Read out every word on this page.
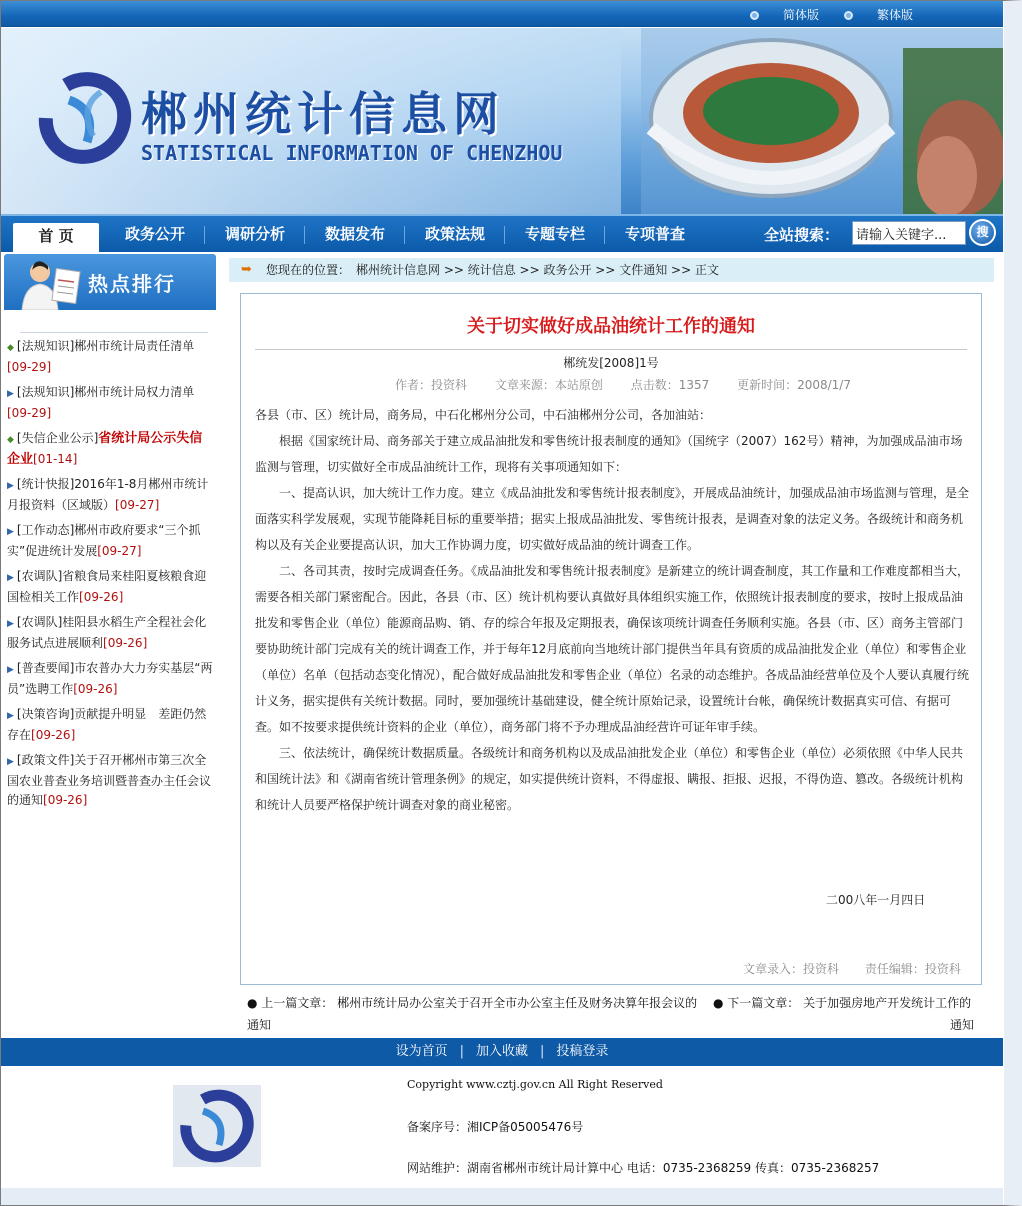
简体版	繁体版
郴州统计信息网
STATISTICAL INFORMATION OF CHENZHOU
首 页	政务公开	调研分析	数据发布	政策法规	专题专栏	专项普查	全站搜索：
请输入关键字...	搜
热点排行
◆ [法规知识]郴州市统计局责任清单
[09-29]
▶ [法规知识]郴州市统计局权力清单
[09-29]
◆ [失信企业公示]省统计局公示失信企业[01-14]
▶ [统计快报]2016年1-8月郴州市统计月报资料（区域版）[09-27]
▶ [工作动态]郴州市政府要求“三个抓实”促进统计发展[09-27]
▶ [农调队]省粮食局来桂阳夏核粮食迎国检相关工作[09-26]
▶ [农调队]桂阳县水稻生产全程社会化服务试点进展顺利[09-26]
▶ [普查要闻]市农普办大力夯实基层“两员”选聘工作[09-26]
▶ [决策咨询]贡献提升明显　差距仍然存在[09-26]
▶ [政策文件]关于召开郴州市第三次全国农业普查业务培训暨普查办主任会议的通知[09-26]
➥ 您现在的位置：　郴州统计信息网 >> 统计信息 >> 政务公开 >> 文件通知 >> 正文
关于切实做好成品油统计工作的通知
郴统发[2008]1号
作者：投资科 文章来源：本站原创 点击数：1357 更新时间：2008/1/7

各县（市、区）统计局，商务局，中石化郴州分公司，中石油郴州分公司，各加油站：

根据《国家统计局、商务部关于建立成品油批发和零售统计报表制度的通知》（国统字（2007）162号）精神，为加强成品油市场监测与管理，切实做好全市成品油统计工作，现将有关事项通知如下：

一、提高认识，加大统计工作力度。建立《成品油批发和零售统计报表制度》，开展成品油统计，加强成品油市场监测与管理，是全面落实科学发展观，实现节能降耗目标的重要举措；据实上报成品油批发、零售统计报表，是调查对象的法定义务。各级统计和商务机构以及有关企业要提高认识，加大工作协调力度，切实做好成品油的统计调查工作。

二、各司其责，按时完成调查任务。《成品油批发和零售统计报表制度》是新建立的统计调查制度，其工作量和工作难度都相当大，需要各相关部门紧密配合。因此，各县（市、区）统计机构要认真做好具体组织实施工作，依照统计报表制度的要求，按时上报成品油批发和零售企业（单位）能源商品购、销、存的综合年报及定期报表，确保该项统计调查任务顺利实施。各县（市、区）商务主管部门要协助统计部门完成有关的统计调查工作，并于每年12月底前向当地统计部门提供当年具有资质的成品油批发企业（单位）和零售企业（单位）名单（包括动态变化情况），配合做好成品油批发和零售企业（单位）名录的动态维护。各成品油经营单位及个人要认真履行统计义务，据实提供有关统计数据。同时，要加强统计基础建设，健全统计原始记录，设置统计台帐，确保统计数据真实可信、有据可查。如不按要求提供统计资料的企业（单位），商务部门将不予办理成品油经营许可证年审手续。

三、依法统计，确保统计数据质量。各级统计和商务机构以及成品油批发企业（单位）和零售企业（单位）必须依照《中华人民共和国统计法》和《湖南省统计管理条例》的规定，如实提供统计资料，不得虚报、瞒报、拒报、迟报，不得伪造、篡改。各级统计机构和统计人员要严格保护统计调查对象的商业秘密。

二00八年一月四日
文章录入：投资科 责任编辑：投资科
● 上一篇文章： 郴州市统计局办公室关于召开全市办公室主任及财务决算年报会议的	● 下一篇文章： 关于加强房地产开发统计工作的
通知	通知
设为首页 | 加入收藏 | 投稿登录
Copyright www.cztj.gov.cn All Right Reserved
备案序号：湘ICP备05005476号
网站维护：湖南省郴州市统计局计算中心 电话：0735-2368259 传真：0735-2368257
